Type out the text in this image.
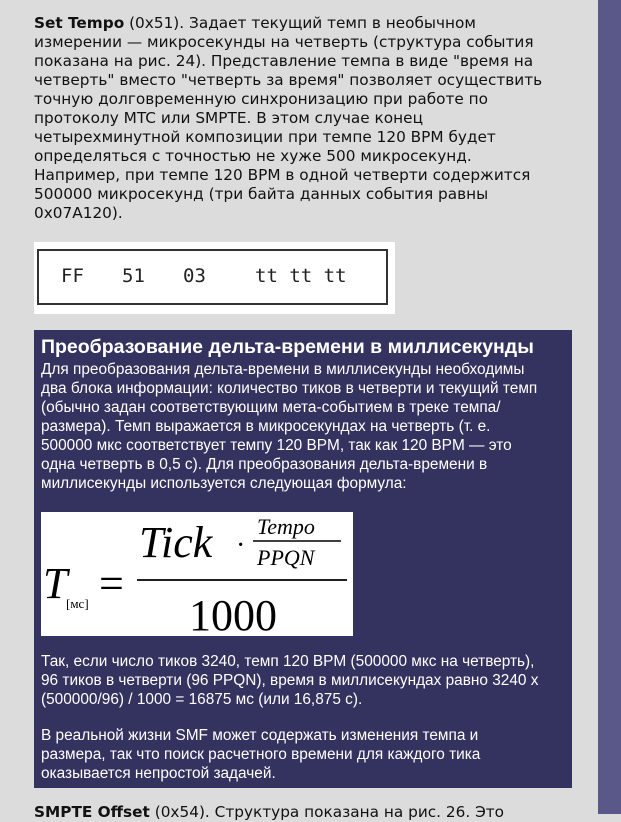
Set Tempo (0x51). Задает текущий темп в необычном
измерении — микросекунды на четверть (структура события
показана на рис. 24). Представление темпа в виде "время на
четверть" вместо "четверть за время" позволяет осуществить
точную долговременную синхронизацию при работе по
протоколу MTC или SMPTE. В этом случае конец
четырехминутной композиции при темпе 120 BPM будет
определяться с точностью не хуже 500 микросекунд.
Например, при темпе 120 BPM в одной четверти содержится
500000 микросекунд (три байта данных события равны
0x07A120).

FF 51 03	tt tt tt
Преобразование дельта-времени в миллисекунды

Для преобразования дельта-времени в миллисекунды необходимы
два блока информации: количество тиков в четверти и текущий темп
(обычно задан соответствующим мета-событием в треке темпа/
размера). Темп выражается в микросекундах на четверть (т. е.
500000 мкс соответствует темпу 120 BPM, так как 120 BPM — это
одна четверть в 0,5 с). Для преобразования дельта-времени в
миллисекунды используется следующая формула:

T
[мс] =
Tick ·
Tempo
PPQN
1000

Так, если число тиков 3240, темп 120 BPM (500000 мкс на четверть),
96 тиков в четверти (96 PPQN), время в миллисекундах равно 3240 x
(500000/96) / 1000 = 16875 мс (или 16,875 с).

В реальной жизни SMF может содержать изменения темпа и
размера, так что поиск расчетного времени для каждого тика
оказывается непростой задачей.

SMPTE Offset (0x54). Структура показана на рис. 26. Это
